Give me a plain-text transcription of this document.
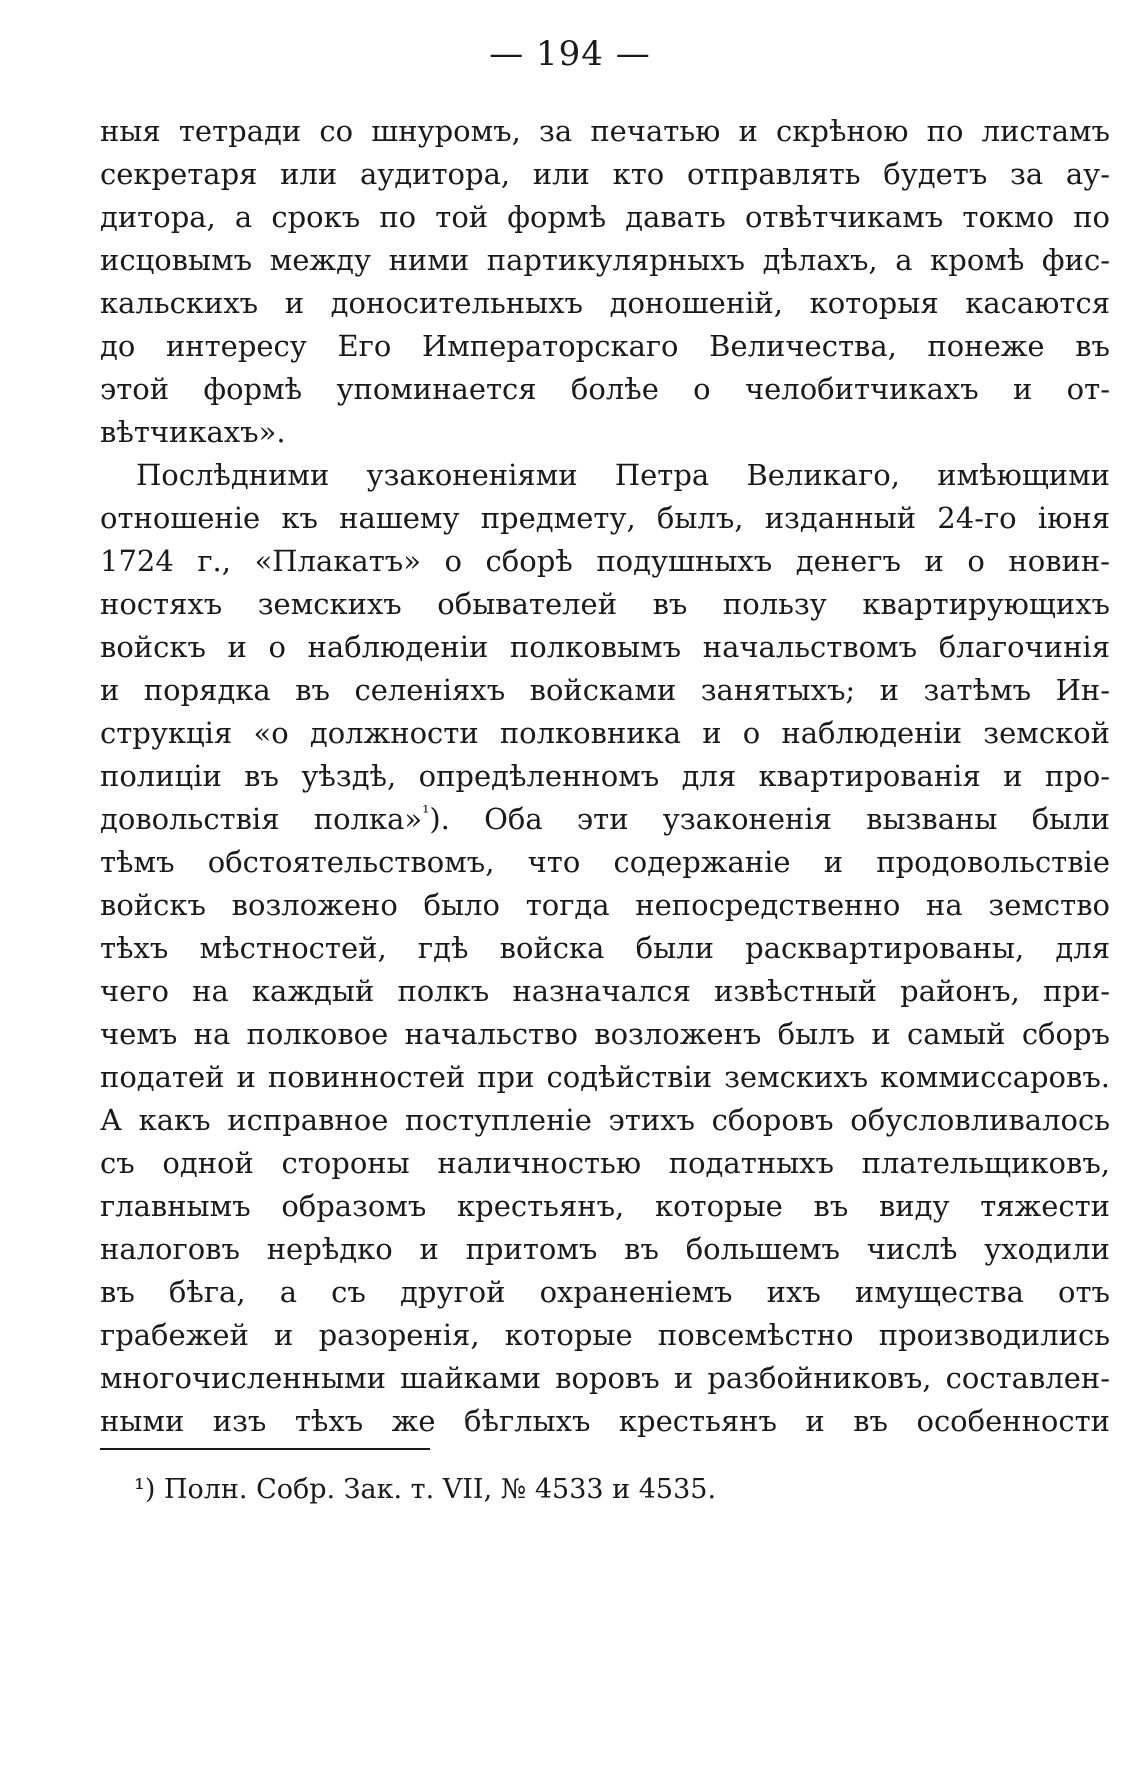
— 194 —
ныя тетради со шнуромъ, за печатью и скрѣною по листамъ
секретаря или аудитора, или кто отправлять будетъ за ау-
дитора, а срокъ по той формѣ давать отвѣтчикамъ токмо по
исцовымъ между ними партикулярныхъ дѣлахъ, а кромѣ фис-
кальскихъ и доносительныхъ доношеній, которыя касаются
до интересу Его Императорскаго Величества, понеже въ
этой формѣ упоминается болѣе о челобитчикахъ и от-
вѣтчикахъ».
Послѣдними узаконеніями Петра Великаго, имѣющими
отношеніе къ нашему предмету, былъ, изданный 24-го іюня
1724 г., «Плакатъ» о сборѣ подушныхъ денегъ и о новин-
ностяхъ земскихъ обывателей въ пользу квартирующихъ
войскъ и о наблюденіи полковымъ начальствомъ благочинія
и порядка въ селеніяхъ войсками занятыхъ; и затѣмъ Ин-
струкція «о должности полковника и о наблюденіи земской
полиціи въ уѣздѣ, опредѣленномъ для квартированія и про-
довольствія полка»$^{^1}$). Оба эти узаконенія вызваны были
тѣмъ обстоятельствомъ, что содержаніе и продовольствіе
войскъ возложено было тогда непосредственно на земство
тѣхъ мѣстностей, гдѣ войска были расквартированы, для
чего на каждый полкъ назначался извѣстный районъ, при-
чемъ на полковое начальство возложенъ былъ и самый сборъ
податей и повинностей при содѣйствіи земскихъ коммиссаровъ.
А какъ исправное поступленіе этихъ сборовъ обусловливалось
съ одной стороны наличностью податныхъ плательщиковъ,
главнымъ образомъ крестьянъ, которые въ виду тяжести
налоговъ нерѣдко и притомъ въ большемъ числѣ уходили
въ бѣга, а съ другой охраненіемъ ихъ имущества отъ
грабежей и разоренія, которые повсемѣстно производились
многочисленными шайками воровъ и разбойниковъ, составлен-
ными изъ тѣхъ же бѣглыхъ крестьянъ и въ особенности
¹) Полн. Собр. Зак. т. VII, № 4533 и 4535.
